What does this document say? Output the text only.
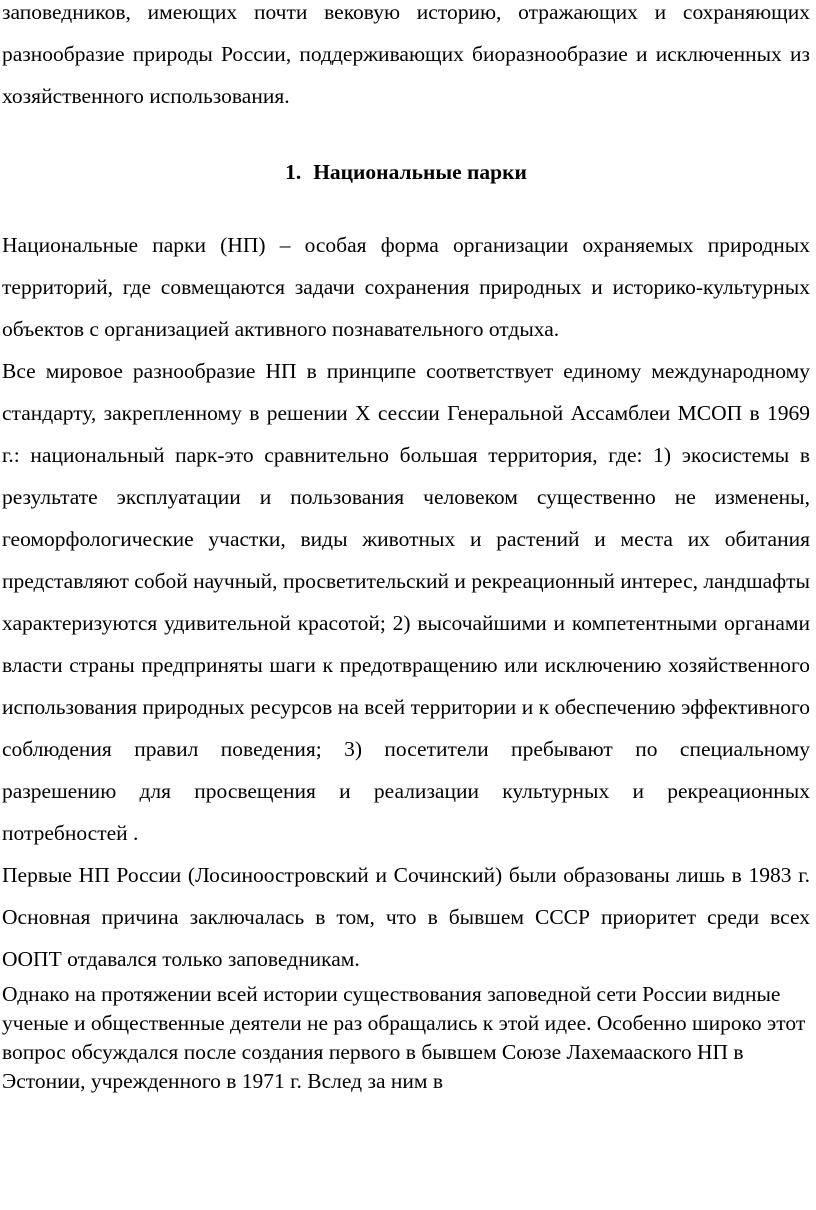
заповедников, имеющих почти вековую историю, отражающих и сохраняющих разнообразие природы России, поддерживающих биоразнообразие и исключенных из хозяйственного использования.

1. Национальные парки

Национальные парки (НП) – особая форма организации охраняемых природных территорий, где совмещаются задачи сохранения природных и историко-культурных объектов с организацией активного познавательного отдыха.

Все мировое разнообразие НП в принципе соответствует единому международному стандарту, закрепленному в решении X сессии Генеральной Ассамблеи МСОП в 1969 г.: национальный парк-это сравнительно большая территория, где: 1) экосистемы в результате эксплуатации и пользования человеком существенно не изменены, геоморфологические участки, виды животных и растений и места их обитания представляют собой научный, просветительский и рекреационный интерес, ландшафты характеризуются удивительной красотой; 2) высочайшими и компетентными органами власти страны предприняты шаги к предотвращению или исключению хозяйственного использования природных ресурсов на всей территории и к обеспечению эффективного соблюдения правил поведения; 3) посетители пребывают по специальному разрешению для просвещения и реализации культурных и рекреационных потребностей .

Первые НП России (Лосиноостровский и Сочинский) были образованы лишь в 1983 г. Основная причина заключалась в том, что в бывшем СССР приоритет среди всех ООПТ отдавался только заповедникам.

Однако на протяжении всей истории существования заповедной сети России видные ученые и общественные деятели не раз обращались к этой идее. Особенно широко этот вопрос обсуждался после создания первого в бывшем Союзе Лахемааского НП в Эстонии, учрежденного в 1971 г. Вслед за ним в
